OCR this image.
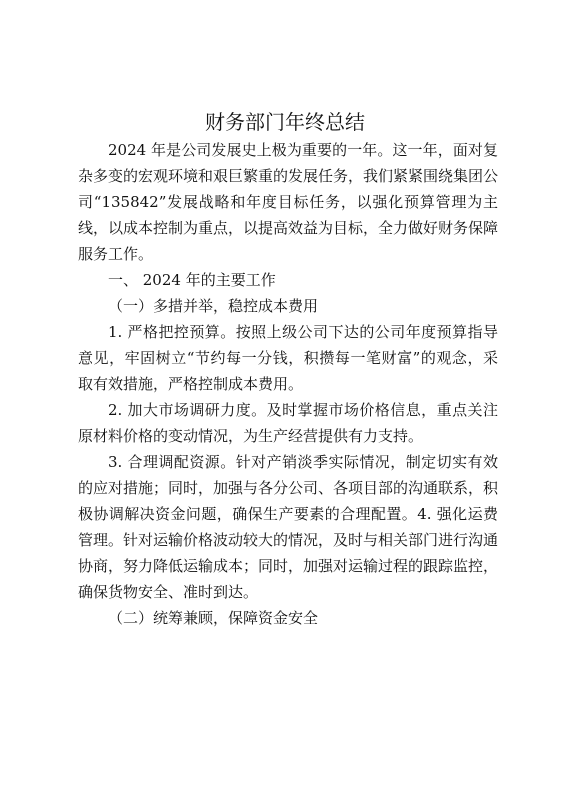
财务部门年终总结

2024 年是公司发展史上极为重要的一年。这一年，面对复杂多变的宏观环境和艰巨繁重的发展任务，我们紧紧围绕集团公司“135842”发展战略和年度目标任务，以强化预算管理为主线，以成本控制为重点，以提高效益为目标，全力做好财务保障服务工作。

一、 2024 年的主要工作

（一）多措并举，稳控成本费用

1. 严格把控预算。按照上级公司下达的公司年度预算指导意见，牢固树立“节约每一分钱，积攒每一笔财富”的观念，采取有效措施，严格控制成本费用。

2. 加大市场调研力度。及时掌握市场价格信息，重点关注原材料价格的变动情况，为生产经营提供有力支持。

3. 合理调配资源。针对产销淡季实际情况，制定切实有效的应对措施；同时，加强与各分公司、各项目部的沟通联系，积极协调解决资金问题，确保生产要素的合理配置。4. 强化运费管理。针对运输价格波动较大的情况，及时与相关部门进行沟通协商，努力降低运输成本；同时，加强对运输过程的跟踪监控，确保货物安全、准时到达。

（二）统筹兼顾，保障资金安全
